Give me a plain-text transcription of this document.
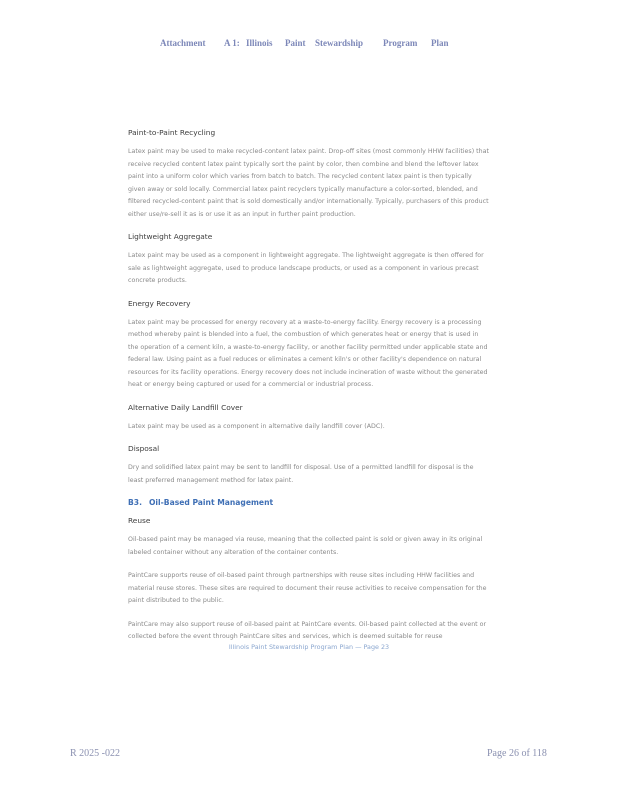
Attachment A 1: Illinois Paint Stewardship Program Plan
Paint-to-Paint Recycling

Latex paint may be used to make recycled-content latex paint. Drop-off sites (most commonly HHW facilities) that receive recycled content latex paint typically sort the paint by color, then combine and blend the leftover latex paint into a uniform color which varies from batch to batch. The recycled content latex paint is then typically given away or sold locally. Commercial latex paint recyclers typically manufacture a color-sorted, blended, and filtered recycled-content paint that is sold domestically and/or internationally. Typically, purchasers of this product either use/re-sell it as is or use it as an input in further paint production.

Lightweight Aggregate

Latex paint may be used as a component in lightweight aggregate. The lightweight aggregate is then offered for sale as lightweight aggregate, used to produce landscape products, or used as a component in various precast concrete products.

Energy Recovery

Latex paint may be processed for energy recovery at a waste-to-energy facility. Energy recovery is a processing method whereby paint is blended into a fuel, the combustion of which generates heat or energy that is used in the operation of a cement kiln, a waste-to-energy facility, or another facility permitted under applicable state and federal law. Using paint as a fuel reduces or eliminates a cement kiln's or other facility's dependence on natural resources for its facility operations. Energy recovery does not include incineration of waste without the generated heat or energy being captured or used for a commercial or industrial process.

Alternative Daily Landfill Cover

Latex paint may be used as a component in alternative daily landfill cover (ADC).

Disposal

Dry and solidified latex paint may be sent to landfill for disposal. Use of a permitted landfill for disposal is the least preferred management method for latex paint.

B3. Oil-Based Paint Management
Reuse

Oil-based paint may be managed via reuse, meaning that the collected paint is sold or given away in its original labeled container without any alteration of the container contents.

PaintCare supports reuse of oil-based paint through partnerships with reuse sites including HHW facilities and material reuse stores. These sites are required to document their reuse activities to receive compensation for the paint distributed to the public.

PaintCare may also support reuse of oil-based paint at PaintCare events. Oil-based paint collected at the event or collected before the event through PaintCare sites and services, which is deemed suitable for reuse

Illinois Paint Stewardship Program Plan — Page 23
R 2025 -022	Page 26 of 118
